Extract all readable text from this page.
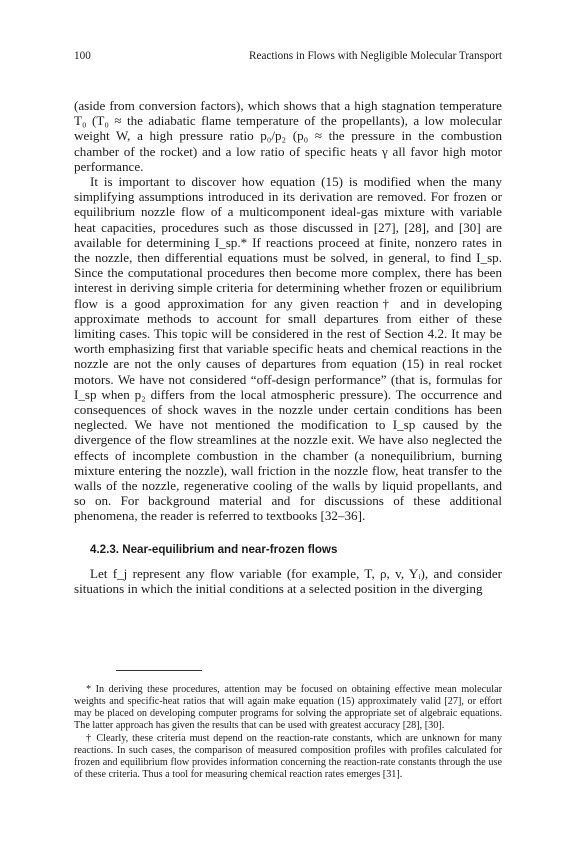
100	Reactions in Flows with Negligible Molecular Transport

(aside from conversion factors), which shows that a high stagnation temperature T₀ (T₀ ≈ the adiabatic flame temperature of the propellants), a low molecular weight W, a high pressure ratio p₀/p₂ (p₀ ≈ the pressure in the combustion chamber of the rocket) and a low ratio of specific heats γ all favor high motor performance.

It is important to discover how equation (15) is modified when the many simplifying assumptions introduced in its derivation are removed. For frozen or equilibrium nozzle flow of a multicomponent ideal-gas mixture with variable heat capacities, procedures such as those discussed in [27], [28], and [30] are available for determining I_sp.* If reactions proceed at finite, nonzero rates in the nozzle, then differential equations must be solved, in general, to find I_sp. Since the computational procedures then become more complex, there has been interest in deriving simple criteria for determining whether frozen or equilibrium flow is a good approximation for any given reaction† and in developing approximate methods to account for small departures from either of these limiting cases. This topic will be considered in the rest of Section 4.2. It may be worth emphasizing first that variable specific heats and chemical reactions in the nozzle are not the only causes of departures from equation (15) in real rocket motors. We have not considered “off-design performance” (that is, formulas for I_sp when p₂ differs from the local atmospheric pressure). The occurrence and consequences of shock waves in the nozzle under certain conditions has been neglected. We have not mentioned the modification to I_sp caused by the divergence of the flow streamlines at the nozzle exit. We have also neglected the effects of incomplete combustion in the chamber (a nonequilibrium, burning mixture entering the nozzle), wall friction in the nozzle flow, heat transfer to the walls of the nozzle, regenerative cooling of the walls by liquid propellants, and so on. For background material and for discussions of these additional phenomena, the reader is referred to textbooks [32–36].

4.2.3. Near-equilibrium and near-frozen flows

Let f_j represent any flow variable (for example, T, ρ, v, Yᵢ), and consider situations in which the initial conditions at a selected position in the diverging

* In deriving these procedures, attention may be focused on obtaining effective mean molecular weights and specific-heat ratios that will again make equation (15) approximately valid [27], or effort may be placed on developing computer programs for solving the appropriate set of algebraic equations. The latter approach has given the results that can be used with greatest accuracy [28], [30].

† Clearly, these criteria must depend on the reaction-rate constants, which are unknown for many reactions. In such cases, the comparison of measured composition profiles with profiles calculated for frozen and equilibrium flow provides information concerning the reaction-rate constants through the use of these criteria. Thus a tool for measuring chemical reaction rates emerges [31].
